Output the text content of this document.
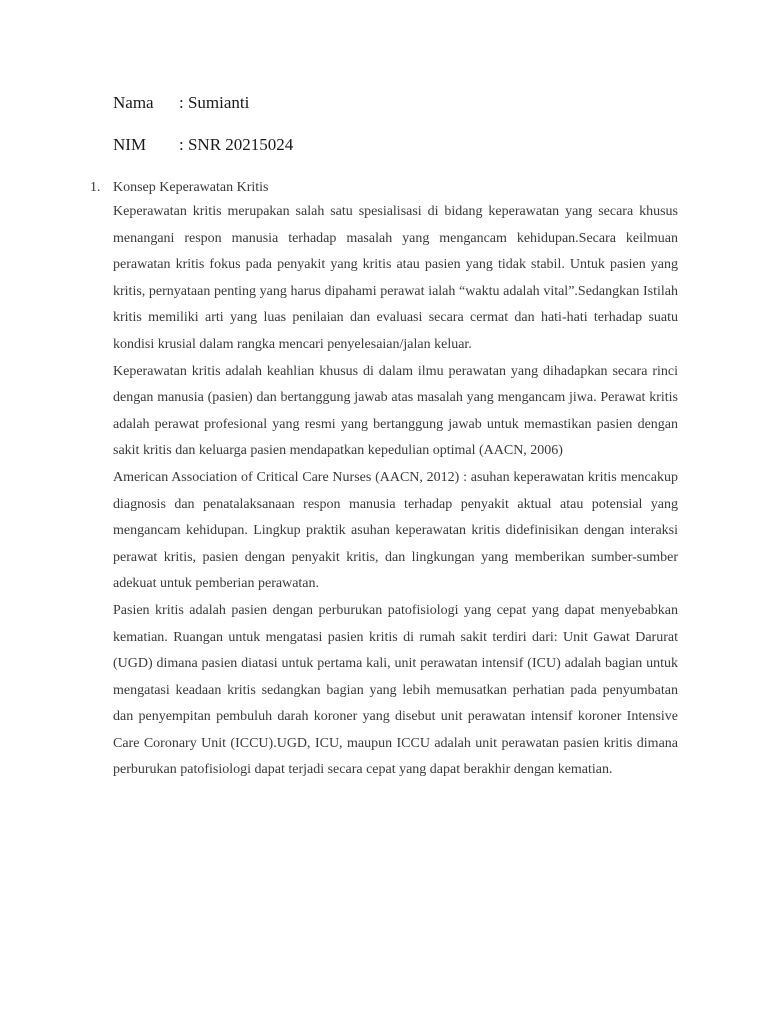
Nama : Sumianti
NIM : SNR 20215024
1. Konsep Keperawatan Kritis

Keperawatan kritis merupakan salah satu spesialisasi di bidang keperawatan yang secara khusus menangani respon manusia terhadap masalah yang mengancam kehidupan.Secara keilmuan perawatan kritis fokus pada penyakit yang kritis atau pasien yang tidak stabil. Untuk pasien yang kritis, pernyataan penting yang harus dipahami perawat ialah “waktu adalah vital”.Sedangkan Istilah kritis memiliki arti yang luas penilaian dan evaluasi secara cermat dan hati-hati terhadap suatu kondisi krusial dalam rangka mencari penyelesaian/jalan keluar.

Keperawatan kritis adalah keahlian khusus di dalam ilmu perawatan yang dihadapkan secara rinci dengan manusia (pasien) dan bertanggung jawab atas masalah yang mengancam jiwa. Perawat kritis adalah perawat profesional yang resmi yang bertanggung jawab untuk memastikan pasien dengan sakit kritis dan keluarga pasien mendapatkan kepedulian optimal (AACN, 2006)

American Association of Critical Care Nurses (AACN, 2012) : asuhan keperawatan kritis mencakup diagnosis dan penatalaksanaan respon manusia terhadap penyakit aktual atau potensial yang mengancam kehidupan. Lingkup praktik asuhan keperawatan kritis didefinisikan dengan interaksi perawat kritis, pasien dengan penyakit kritis, dan lingkungan yang memberikan sumber-sumber adekuat untuk pemberian perawatan.

Pasien kritis adalah pasien dengan perburukan patofisiologi yang cepat yang dapat menyebabkan kematian. Ruangan untuk mengatasi pasien kritis di rumah sakit terdiri dari: Unit Gawat Darurat (UGD) dimana pasien diatasi untuk pertama kali, unit perawatan intensif (ICU) adalah bagian untuk mengatasi keadaan kritis sedangkan bagian yang lebih memusatkan perhatian pada penyumbatan dan penyempitan pembuluh darah koroner yang disebut unit perawatan intensif koroner Intensive Care Coronary Unit (ICCU).UGD, ICU, maupun ICCU adalah unit perawatan pasien kritis dimana perburukan patofisiologi dapat terjadi secara cepat yang dapat berakhir dengan kematian.
